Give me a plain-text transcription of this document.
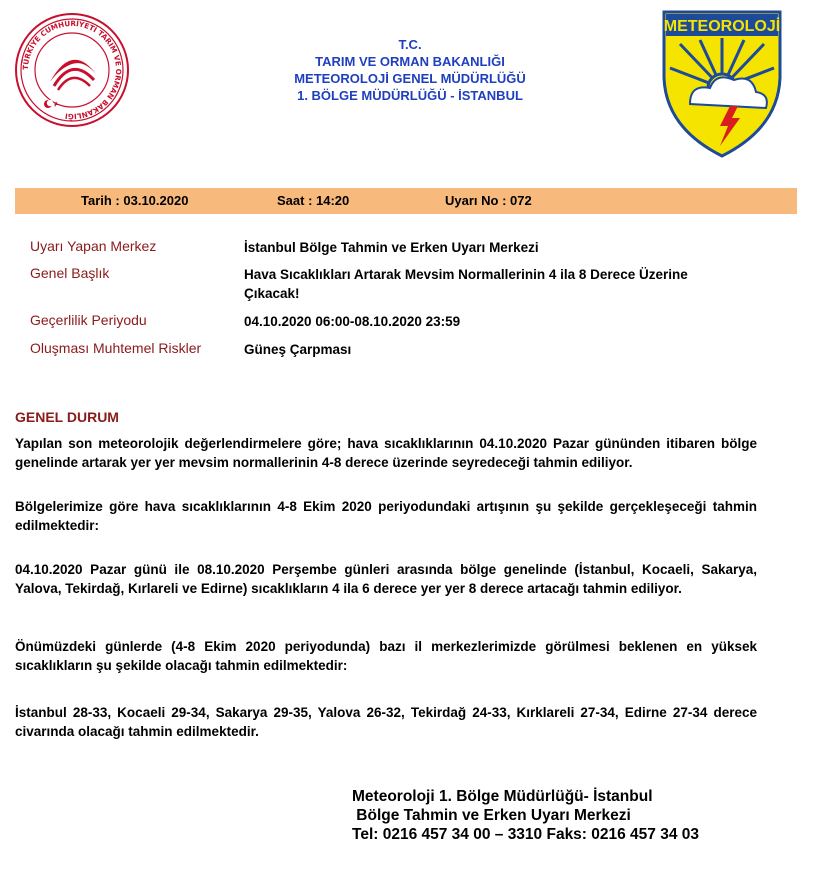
TÜRKİYE CUMHURİYETİ TARIM VE ORMAN BAKANLIĞI
T.C.
TARIM VE ORMAN BAKANLIĞI
METEOROLOJİ GENEL MÜDÜRLÜĞÜ
1. BÖLGE MÜDÜRLÜĞÜ - İSTANBUL
METEOROLOJİ
Tarih : 03.10.2020	Saat : 14:20	Uyarı No : 072
Uyarı Yapan Merkez	İstanbul Bölge Tahmin ve Erken Uyarı Merkezi
Genel Başlık	Hava Sıcaklıkları Artarak Mevsim Normallerinin 4 ila 8 Derece Üzerine Çıkacak!
Geçerlilik Periyodu	04.10.2020 06:00-08.10.2020 23:59
Oluşması Muhtemel Riskler	Güneş Çarpması
GENEL DURUM
Yapılan son meteorolojik değerlendirmelere göre; hava sıcaklıklarının 04.10.2020 Pazar gününden itibaren bölge genelinde artarak yer yer mevsim normallerinin 4-8 derece üzerinde seyredeceği tahmin ediliyor.
Bölgelerimize göre hava sıcaklıklarının 4-8 Ekim 2020 periyodundaki artışının şu şekilde gerçekleşeceği tahmin edilmektedir:
04.10.2020 Pazar günü ile 08.10.2020 Perşembe günleri arasında bölge genelinde (İstanbul, Kocaeli, Sakarya, Yalova, Tekirdağ, Kırlareli ve Edirne) sıcaklıkların 4 ila 6 derece yer yer 8 derece artacağı tahmin ediliyor.
Önümüzdeki günlerde (4-8 Ekim 2020 periyodunda) bazı il merkezlerimizde görülmesi beklenen en yüksek sıcaklıkların şu şekilde olacağı tahmin edilmektedir:
İstanbul 28-33, Kocaeli 29-34, Sakarya 29-35, Yalova 26-32, Tekirdağ 24-33, Kırklareli 27-34, Edirne 27-34 derece civarında olacağı tahmin edilmektedir.
Meteoroloji 1. Bölge Müdürlüğü- İstanbul
Bölge Tahmin ve Erken Uyarı Merkezi
Tel: 0216 457 34 00 – 3310 Faks: 0216 457 34 03
